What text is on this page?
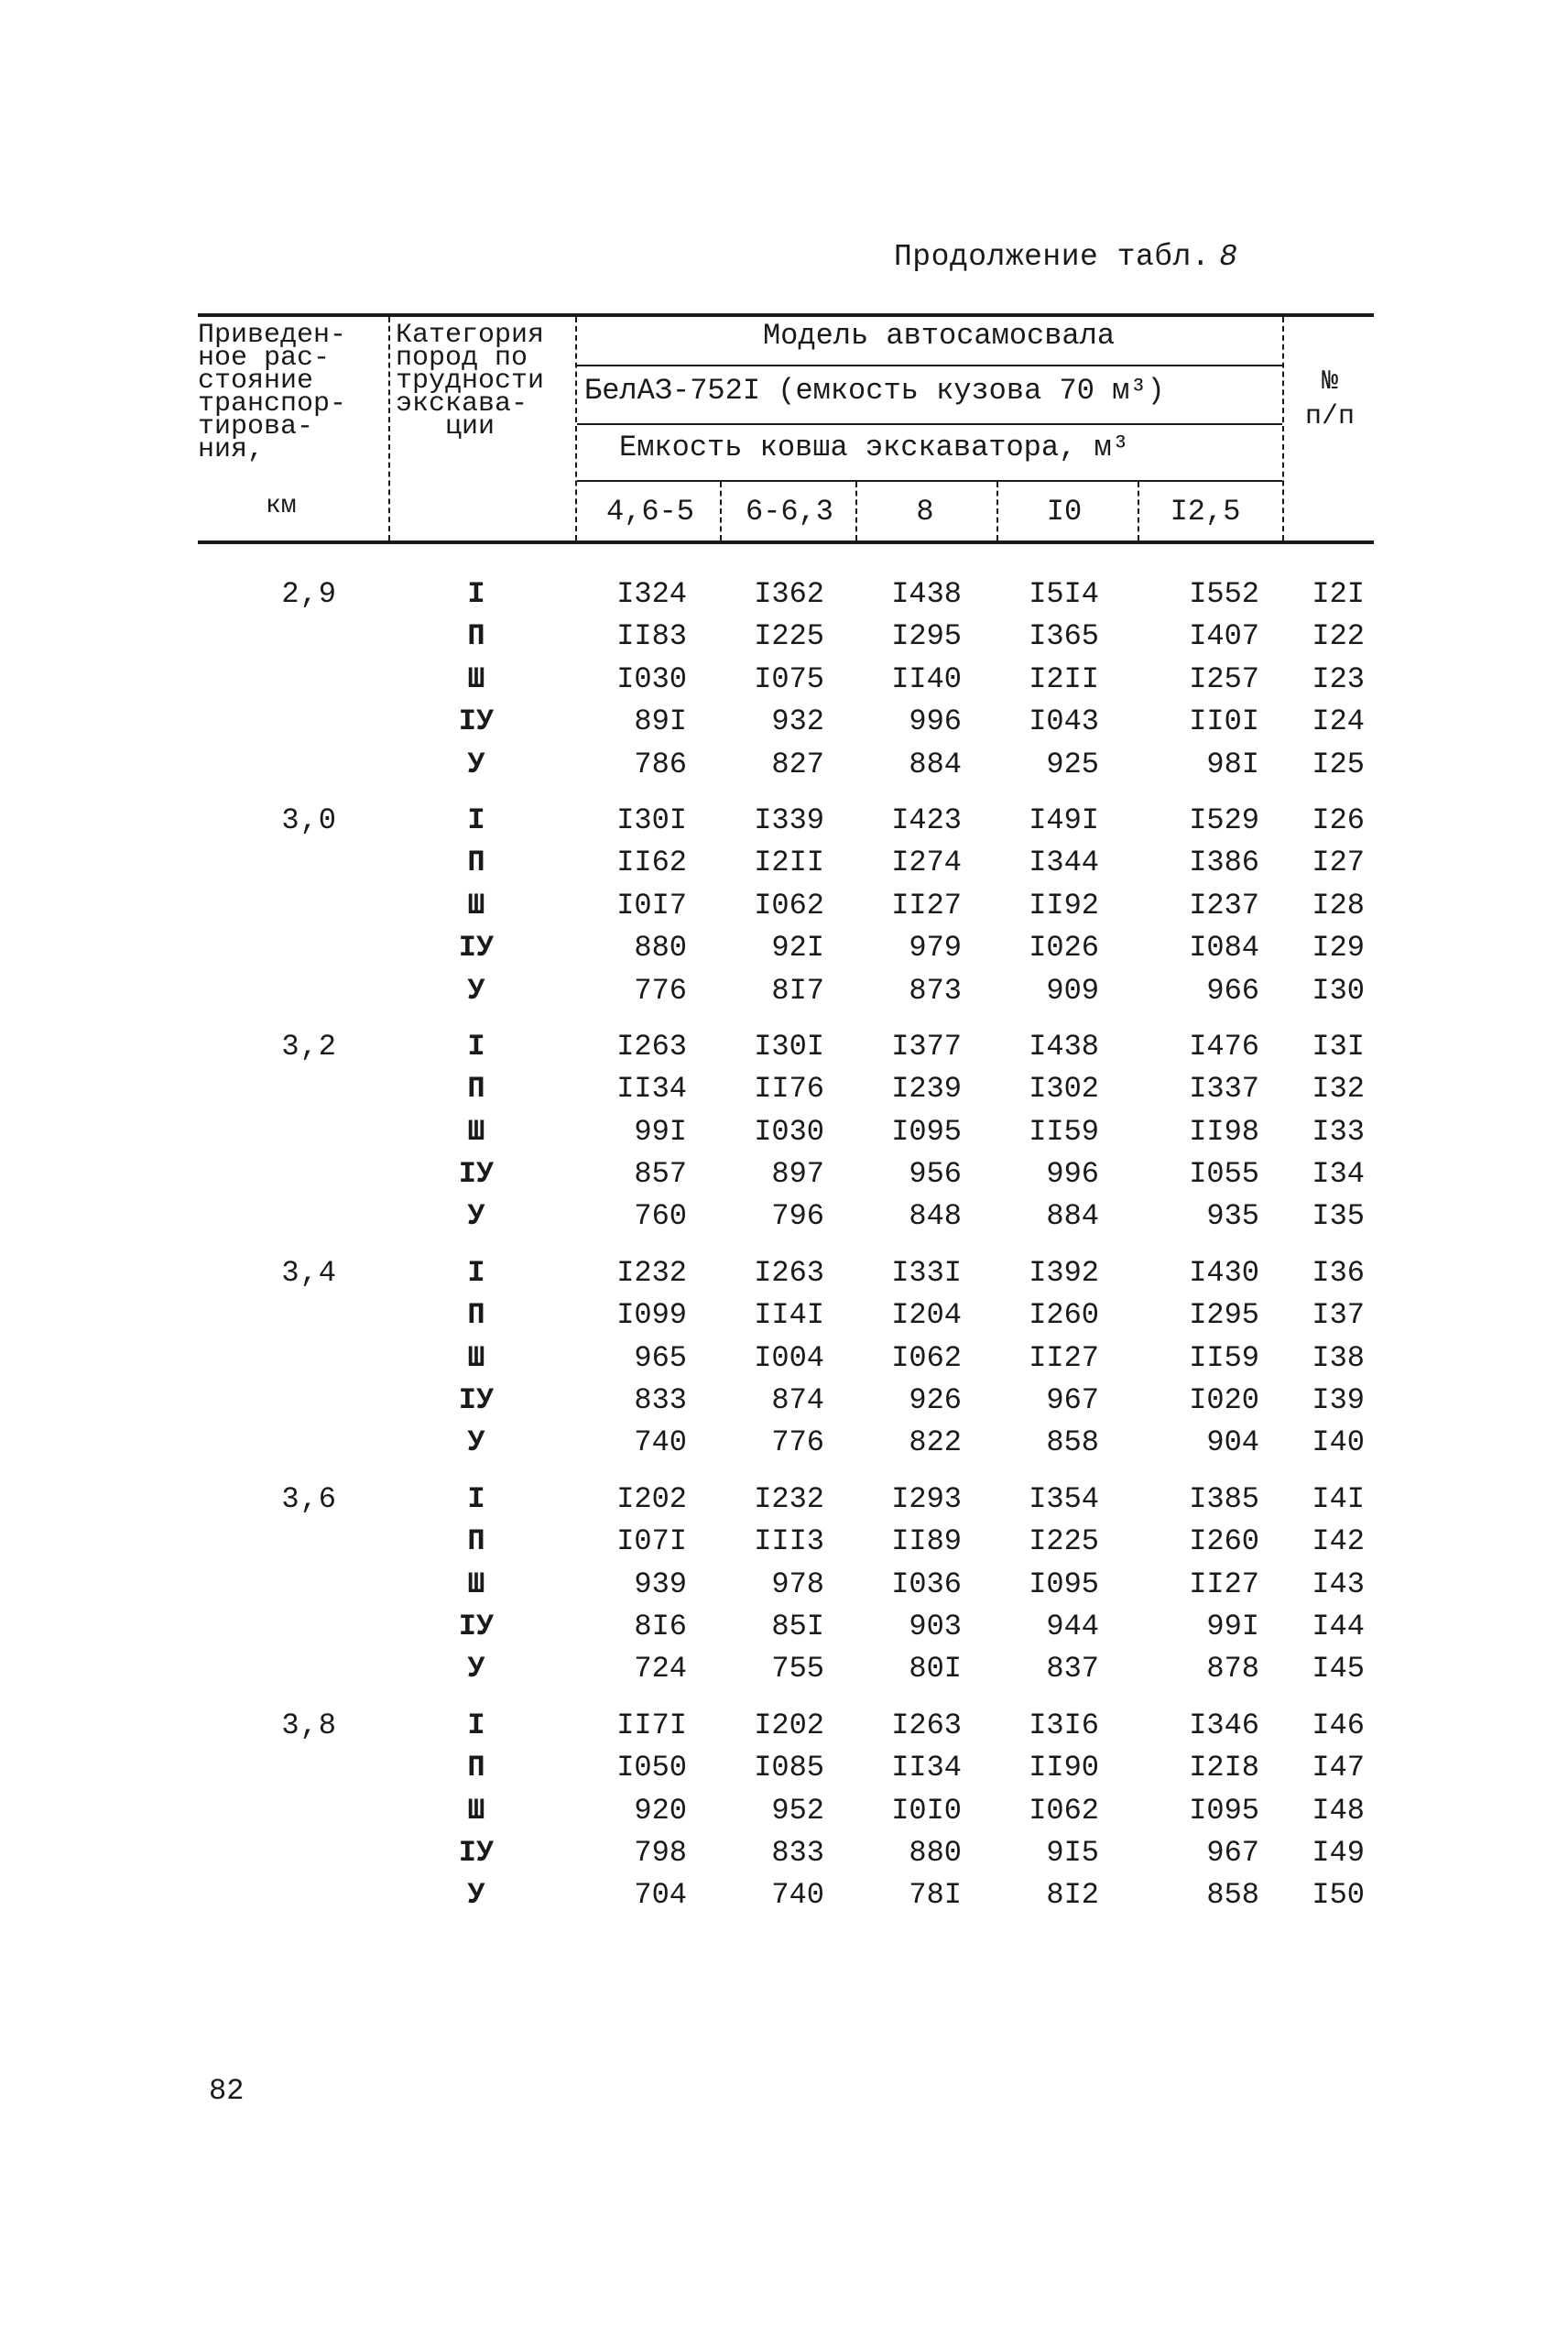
Продолжение табл. 8
Приведен-
ное рас-
стояние
транспор-
тирова-
ния,
км
Категория
пород по
трудности
экскава-
ции
Модель автосамосвала
БелАЗ-752I (емкость кузова 70 м³)
Емкость ковша экскаватора, м³
№
п/п
4,6-5	6-6,3	8	I0	I2,5
2,9	I	I324	I362	I438	I5I4	I552	I2I
П	II83	I225	I295	I365	I407	I22
Ш	I030	I075	II40	I2II	I257	I23
IУ	89I	932	996	I043	II0I	I24
У	786	827	884	925	98I	I25
3,0	I	I30I	I339	I423	I49I	I529	I26
П	II62	I2II	I274	I344	I386	I27
Ш	I0I7	I062	II27	II92	I237	I28
IУ	880	92I	979	I026	I084	I29
У	776	8I7	873	909	966	I30
3,2	I	I263	I30I	I377	I438	I476	I3I
П	II34	II76	I239	I302	I337	I32
Ш	99I	I030	I095	II59	II98	I33
IУ	857	897	956	996	I055	I34
У	760	796	848	884	935	I35
3,4	I	I232	I263	I33I	I392	I430	I36
П	I099	II4I	I204	I260	I295	I37
Ш	965	I004	I062	II27	II59	I38
IУ	833	874	926	967	I020	I39
У	740	776	822	858	904	I40
3,6	I	I202	I232	I293	I354	I385	I4I
П	I07I	III3	II89	I225	I260	I42
Ш	939	978	I036	I095	II27	I43
IУ	8I6	85I	903	944	99I	I44
У	724	755	80I	837	878	I45
3,8	I	II7I	I202	I263	I3I6	I346	I46
П	I050	I085	II34	II90	I2I8	I47
Ш	920	952	I0I0	I062	I095	I48
IУ	798	833	880	9I5	967	I49
У	704	740	78I	8I2	858	I50
82
